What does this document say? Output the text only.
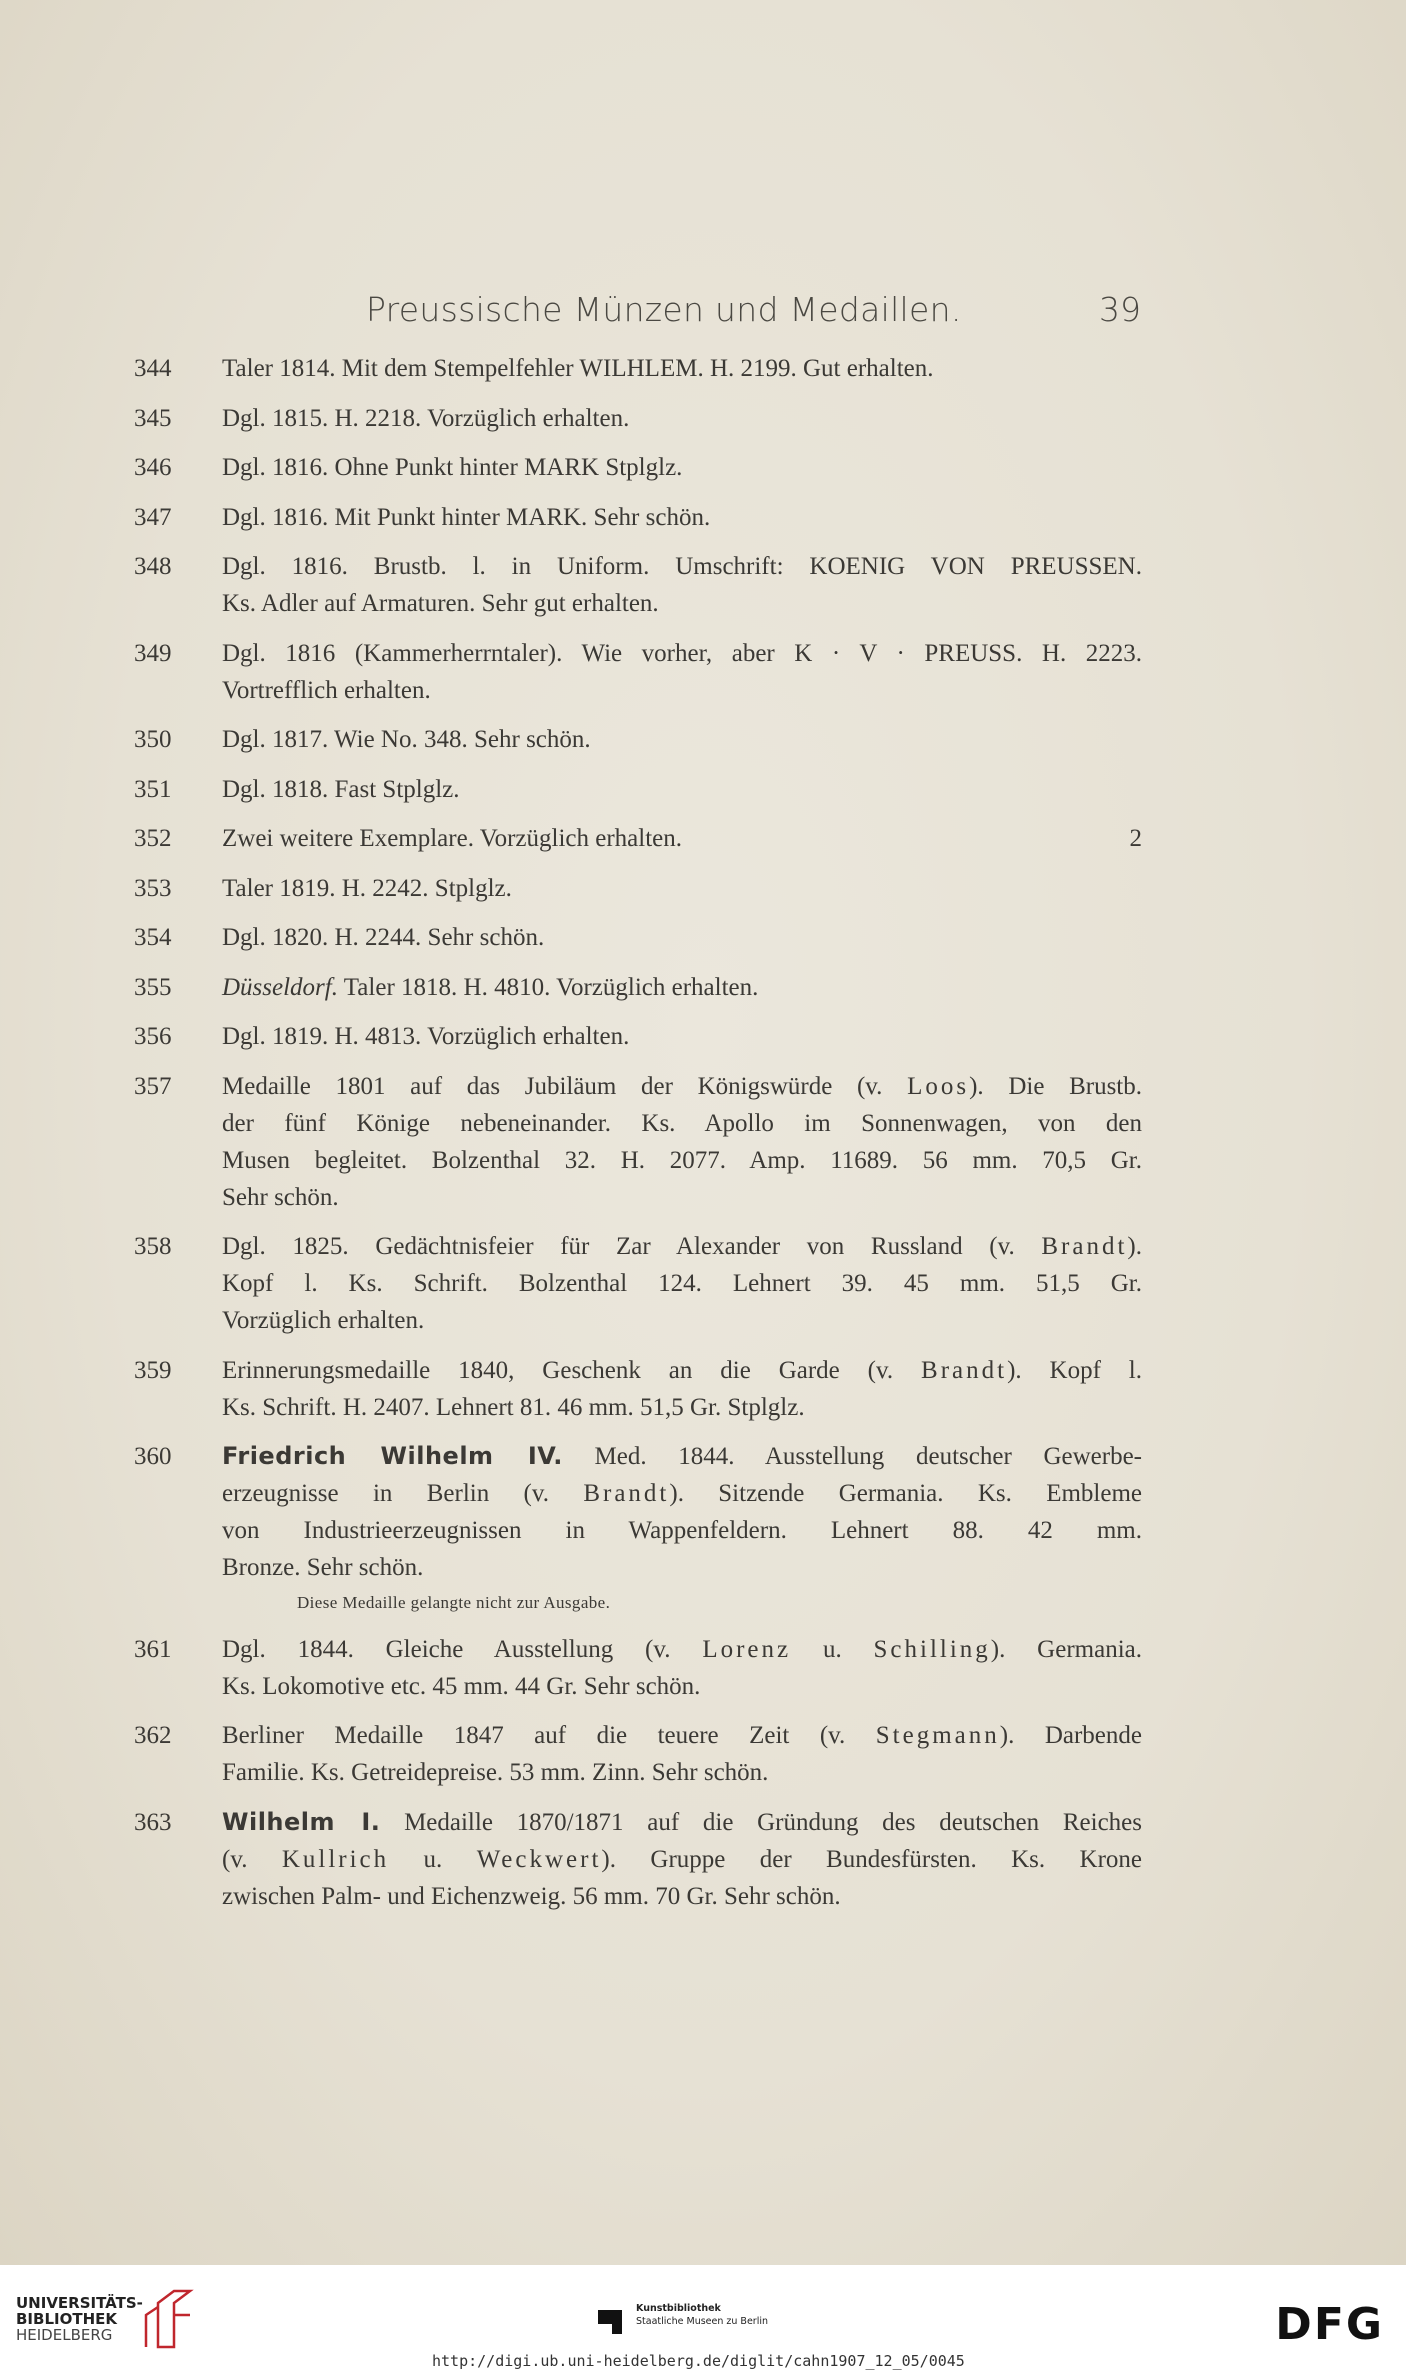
Preussische Münzen und Medaillen.	39
344	Taler 1814. Mit dem Stempelfehler WILHLEM. H. 2199. Gut erhalten.
345	Dgl. 1815. H. 2218. Vorzüglich erhalten.
346	Dgl. 1816. Ohne Punkt hinter MARK Stplglz.
347	Dgl. 1816. Mit Punkt hinter MARK. Sehr schön.
348	Dgl. 1816. Brustb. l. in Uniform. Umschrift: KOENIG VON PREUSSEN.
Ks. Adler auf Armaturen. Sehr gut erhalten.
349	Dgl. 1816 (Kammerherrntaler). Wie vorher, aber K · V · PREUSS. H. 2223.
Vortrefflich erhalten.
350	Dgl. 1817. Wie No. 348. Sehr schön.
351	Dgl. 1818. Fast Stplglz.
352	Zwei weitere Exemplare. Vorzüglich erhalten.	2
353	Taler 1819. H. 2242. Stplglz.
354	Dgl. 1820. H. 2244. Sehr schön.
355	Düsseldorf. Taler 1818. H. 4810. Vorzüglich erhalten.
356	Dgl. 1819. H. 4813. Vorzüglich erhalten.
357	Medaille 1801 auf das Jubiläum der Königswürde (v. Loos). Die Brustb.
der fünf Könige nebeneinander. Ks. Apollo im Sonnenwagen, von den
Musen begleitet. Bolzenthal 32. H. 2077. Amp. 11689. 56 mm. 70,5 Gr.
Sehr schön.
358	Dgl. 1825. Gedächtnisfeier für Zar Alexander von Russland (v. Brandt).
Kopf l. Ks. Schrift. Bolzenthal 124. Lehnert 39. 45 mm. 51,5 Gr.
Vorzüglich erhalten.
359	Erinnerungsmedaille 1840, Geschenk an die Garde (v. Brandt). Kopf l.
Ks. Schrift. H. 2407. Lehnert 81. 46 mm. 51,5 Gr. Stplglz.
360	Friedrich Wilhelm IV. Med. 1844. Ausstellung deutscher Gewerbe-
erzeugnisse in Berlin (v. Brandt). Sitzende Germania. Ks. Embleme
von Industrieerzeugnissen in Wappenfeldern. Lehnert 88. 42 mm.
Bronze. Sehr schön.
Diese Medaille gelangte nicht zur Ausgabe.
361	Dgl. 1844. Gleiche Ausstellung (v. Lorenz u. Schilling). Germania.
Ks. Lokomotive etc. 45 mm. 44 Gr. Sehr schön.
362	Berliner Medaille 1847 auf die teuere Zeit (v. Stegmann). Darbende
Familie. Ks. Getreidepreise. 53 mm. Zinn. Sehr schön.
363	Wilhelm I. Medaille 1870/1871 auf die Gründung des deutschen Reiches
(v. Kullrich u. Weckwert). Gruppe der Bundesfürsten. Ks. Krone
zwischen Palm- und Eichenzweig. 56 mm. 70 Gr. Sehr schön.
UNIVERSITÄTS-
BIBLIOTHEK
HEIDELBERG
Kunstbibliothek
Staatliche Museen zu Berlin	DFG
http://digi.ub.uni-heidelberg.de/diglit/cahn1907_12_05/0045
